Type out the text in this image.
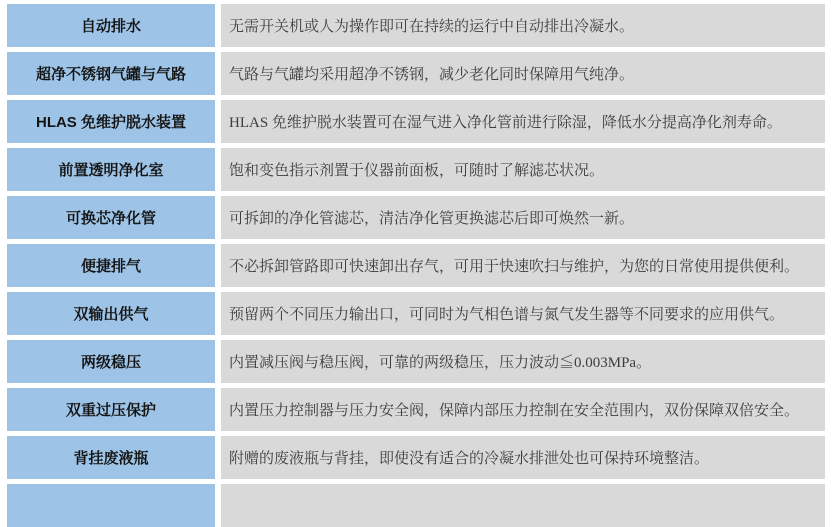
自动排水	无需开关机或人为操作即可在持续的运行中自动排出冷凝水。
超净不锈钢气罐与气路	气路与气罐均采用超净不锈钢，减少老化同时保障用气纯净。
HLAS 免维护脱水装置	HLAS 免维护脱水装置可在湿气进入净化管前进行除湿，降低水分提高净化剂寿命。
前置透明净化室	饱和变色指示剂置于仪器前面板，可随时了解滤芯状况。
可换芯净化管	可拆卸的净化管滤芯，清洁净化管更换滤芯后即可焕然一新。
便捷排气	不必拆卸管路即可快速卸出存气，可用于快速吹扫与维护，为您的日常使用提供便利。
双输出供气	预留两个不同压力输出口，可同时为气相色谱与氮气发生器等不同要求的应用供气。
两级稳压	内置减压阀与稳压阀，可靠的两级稳压，压力波动≦0.003MPa。
双重过压保护	内置压力控制器与压力安全阀，保障内部压力控制在安全范围内，双份保障双倍安全。
背挂废液瓶	附赠的废液瓶与背挂，即使没有适合的冷凝水排泄处也可保持环境整洁。
